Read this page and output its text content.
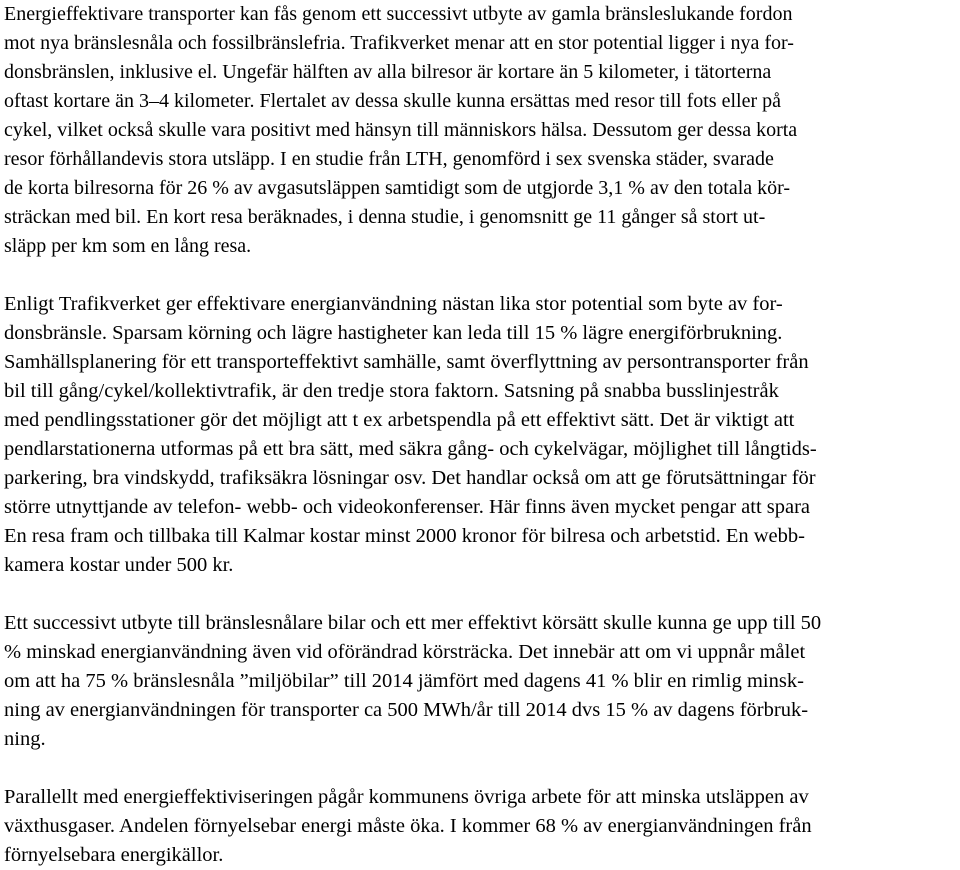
Energieffektivare transporter kan fås genom ett successivt utbyte av gamla bränsleslukande fordon
mot nya bränslesnåla och fossilbränslefria. Trafikverket menar att en stor potential ligger i nya for-
donsbränslen, inklusive el. Ungefär hälften av alla bilresor är kortare än 5 kilometer, i tätorterna
oftast kortare än 3–4 kilometer. Flertalet av dessa skulle kunna ersättas med resor till fots eller på
cykel, vilket också skulle vara positivt med hänsyn till människors hälsa. Dessutom ger dessa korta
resor förhållandevis stora utsläpp. I en studie från LTH, genomförd i sex svenska städer, svarade
de korta bilresorna för 26 % av avgasutsläppen samtidigt som de utgjorde 3,1 % av den totala kör-
sträckan med bil. En kort resa beräknades, i denna studie, i genomsnitt ge 11 gånger så stort ut-
släpp per km som en lång resa.
Enligt Trafikverket ger effektivare energianvändning nästan lika stor potential som byte av for-
donsbränsle. Sparsam körning och lägre hastigheter kan leda till 15 % lägre energiförbrukning.
Samhällsplanering för ett transporteffektivt samhälle, samt överflyttning av persontransporter från
bil till gång/cykel/kollektivtrafik, är den tredje stora faktorn. Satsning på snabba busslinjestråk
med pendlingsstationer gör det möjligt att t ex arbetspendla på ett effektivt sätt. Det är viktigt att
pendlarstationerna utformas på ett bra sätt, med säkra gång- och cykelvägar, möjlighet till långtids-
parkering, bra vindskydd, trafiksäkra lösningar osv. Det handlar också om att ge förutsättningar för
större utnyttjande av telefon- webb- och videokonferenser. Här finns även mycket pengar att spara
En resa fram och tillbaka till Kalmar kostar minst 2000 kronor för bilresa och arbetstid. En webb-
kamera kostar under 500 kr.
Ett successivt utbyte till bränslesnålare bilar och ett mer effektivt körsätt skulle kunna ge upp till 50
% minskad energianvändning även vid oförändrad körsträcka. Det innebär att om vi uppnår målet
om att ha 75 % bränslesnåla ”miljöbilar” till 2014 jämfört med dagens 41 % blir en rimlig minsk-
ning av energianvändningen för transporter ca 500 MWh/år till 2014 dvs 15 % av dagens förbruk-
ning.
Parallellt med energieffektiviseringen pågår kommunens övriga arbete för att minska utsläppen av
växthusgaser. Andelen förnyelsebar energi måste öka. I kommer 68 % av energianvändningen från
förnyelsebara energikällor.
